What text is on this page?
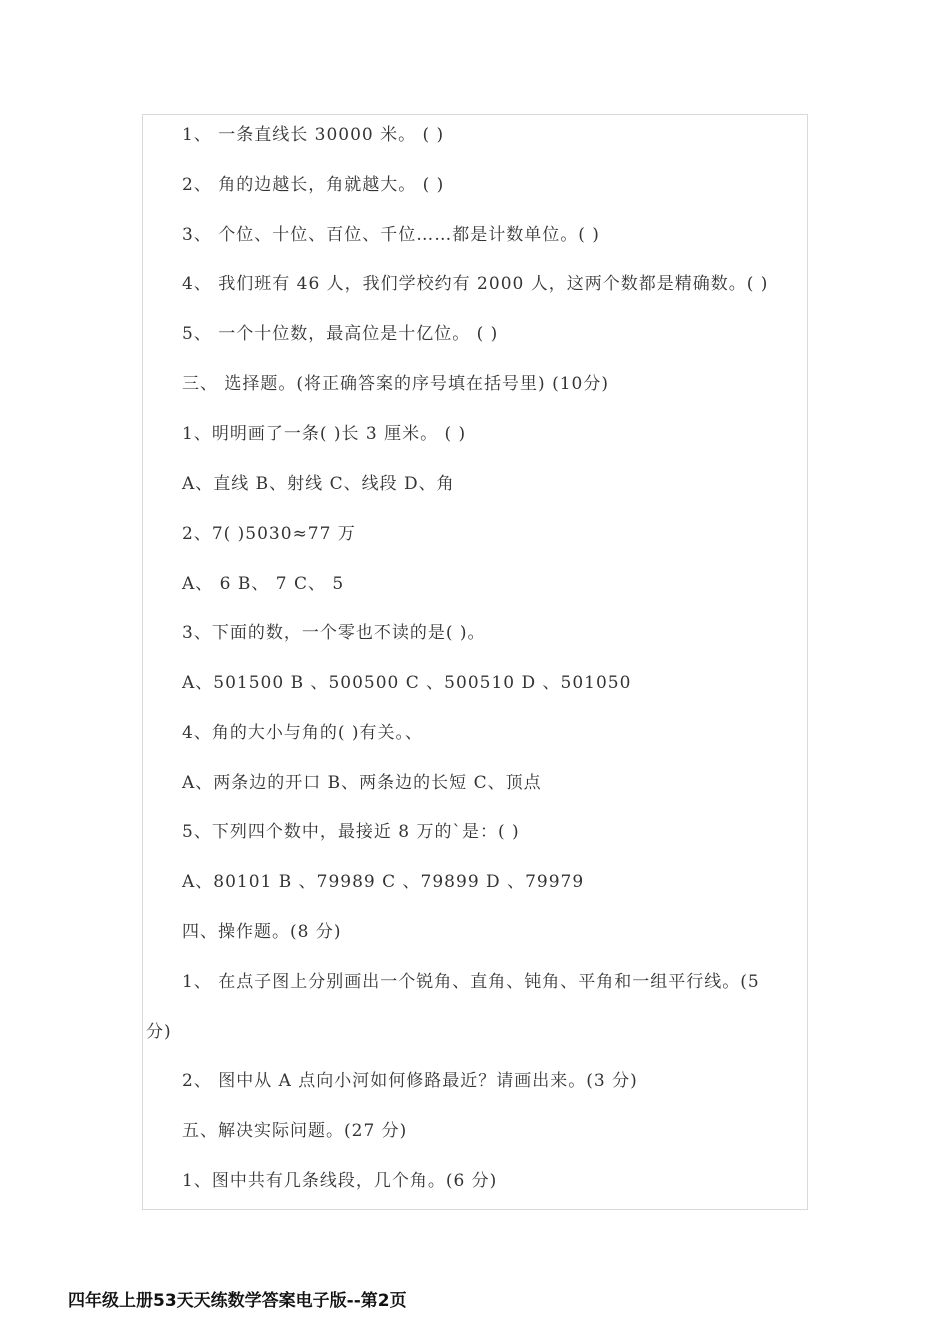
1、 一条直线长 30000 米。 ( )
2、 角的边越长，角就越大。 ( )
3、 个位、十位、百位、千位……都是计数单位。( )
4、 我们班有 46 人，我们学校约有 2000 人，这两个数都是精确数。( )
5、 一个十位数，最高位是十亿位。 ( )
三、 选择题。(将正确答案的序号填在括号里) (10分)
1、明明画了一条( )长 3 厘米。 ( )
A、直线 B、射线 C、线段 D、角
2、7( )5030≈77 万
A、 6 B、 7 C、 5
3、下面的数，一个零也不读的是( )。
A、501500 B 、500500 C 、500510 D 、501050
4、角的大小与角的( )有关。、
A、两条边的开口 B、两条边的长短 C、顶点
5、下列四个数中，最接近 8 万的`是：( )
A、80101 B 、79989 C 、79899 D 、79979
四、操作题。(8 分)
1、 在点子图上分别画出一个锐角、直角、钝角、平角和一组平行线。(5
分)
2、 图中从 A 点向小河如何修路最近？请画出来。(3 分)
五、解决实际问题。(27 分)
1、图中共有几条线段，几个角。(6 分)
四年级上册53天天练数学答案电子版--第2页
